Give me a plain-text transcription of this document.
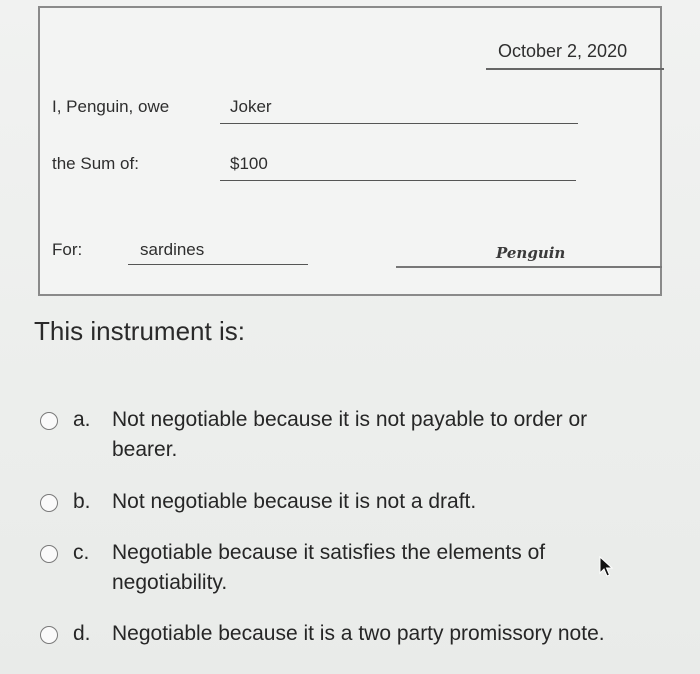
October 2, 2020
I, Penguin, owe	Joker
the Sum of:	$100
For:	sardines	Penguin
This instrument is:
a. Not negotiable because it is not payable to order or bearer.
b. Not negotiable because it is not a draft.
c. Negotiable because it satisfies the elements of negotiability.
d. Negotiable because it is a two party promissory note.
